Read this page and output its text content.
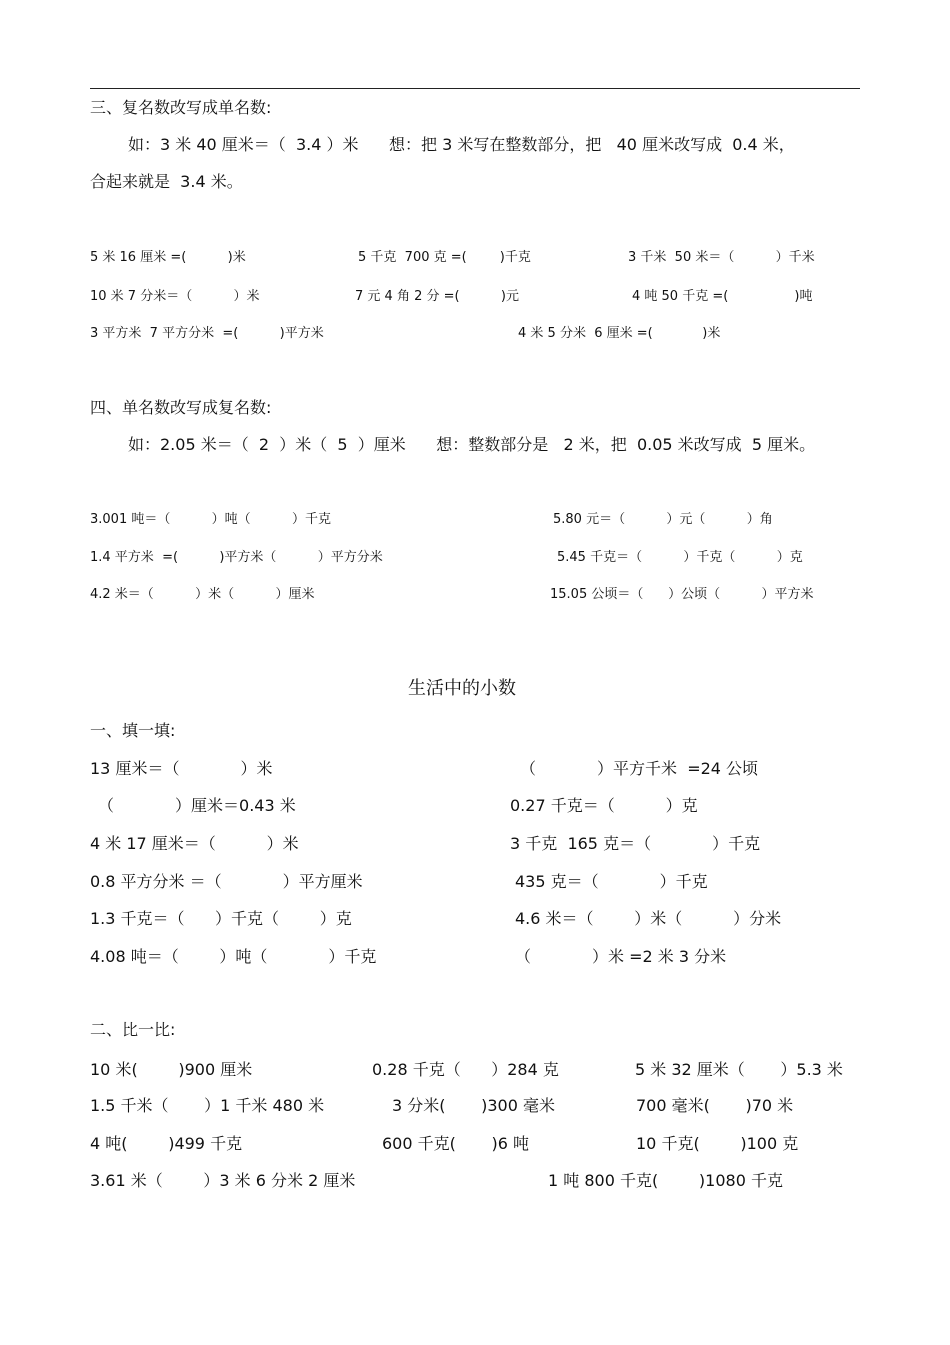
三、复名数改写成单名数:
如：3 米 40 厘米＝（  3.4 ）米      想：把 3 米写在整数部分，把   40 厘米改写成  0.4 米，
合起来就是  3.4 米。
5 米 16 厘米 =(          )米	5 千克  700 克 =(        )千克	3 千米  50 米＝（          ）千米
10 米 7 分米＝（          ）米	7 元 4 角 2 分 =(          )元	4 吨 50 千克 =(                )吨
3 平方米  7 平方分米  =(          )平方米	4 米 5 分米  6 厘米 =(            )米
四、单名数改写成复名数:
如：2.05 米＝（  2  ）米（  5  ）厘米      想：整数部分是   2 米，把  0.05 米改写成  5 厘米。
3.001 吨＝（          ）吨（          ）千克	5.80 元＝（          ）元（          ）角
1.4 平方米  =(          )平方米（          ）平方分米	5.45 千克＝（          ）千克（          ）克
4.2 米＝（          ）米（          ）厘米	15.05 公顷＝（      ）公顷（          ）平方米
生活中的小数
一、填一填:
13 厘米＝（            ）米	（            ）平方千米  =24 公顷
（            ）厘米＝0.43 米	0.27 千克＝（          ）克
4 米 17 厘米＝（          ）米	3 千克  165 克＝（            ）千克
0.8 平方分米 ＝（            ）平方厘米	435 克＝（            ）千克
1.3 千克＝（      ）千克（        ）克	4.6 米＝（        ）米（          ）分米
4.08 吨＝（        ）吨（            ）千克	（            ）米 =2 米 3 分米
二、比一比:
10 米(        )900 厘米	0.28 千克（      ）284 克	5 米 32 厘米（       ）5.3 米
1.5 千米（       ）1 千米 480 米	3 分米(       )300 毫米	700 毫米(       )70 米
4 吨(        )499 千克	600 千克(       )6 吨	10 千克(        )100 克
3.61 米（        ）3 米 6 分米 2 厘米	1 吨 800 千克(        )1080 千克
